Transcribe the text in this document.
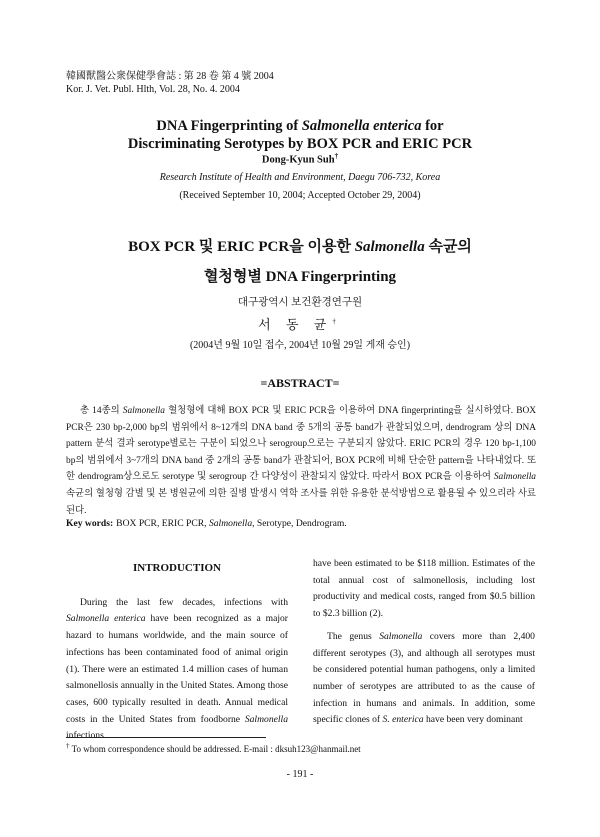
韓國獸醫公衆保健學會誌 : 第 28 卷 第 4 號 2004
Kor. J. Vet. Publ. Hlth, Vol. 28, No. 4. 2004
DNA Fingerprinting of Salmonella enterica for
Discriminating Serotypes by BOX PCR and ERIC PCR
Dong-Kyun Suh†
Research Institute of Health and Environment, Daegu 706-732, Korea
(Received September 10, 2004; Accepted October 29, 2004)
BOX PCR 및 ERIC PCR을 이용한 Salmonella 속균의
혈청형별 DNA Fingerprinting
대구광역시 보건환경연구원
서 동 균†
(2004년 9월 10일 접수, 2004년 10월 29일 게재 승인)
=ABSTRACT=
총 14종의 Salmonella 혈청형에 대해 BOX PCR 및 ERIC PCR을 이용하여 DNA fingerprinting을 실시하였다. BOX PCR은 230 bp-2,000 bp의 범위에서 8~12개의 DNA band 중 5개의 공통 band가 관찰되었으며, dendrogram 상의 DNA pattern 분석 결과 serotype별로는 구분이 되었으나 serogroup으로는 구분되지 않았다. ERIC PCR의 경우 120 bp-1,100 bp의 범위에서 3~7개의 DNA band 중 2개의 공통 band가 관찰되어, BOX PCR에 비해 단순한 pattern을 나타내었다. 또한 dendrogram상으로도 serotype 및 serogroup 간 다양성이 관찰되지 않았다. 따라서 BOX PCR을 이용하여 Salmonella 속균의 혈청형 감별 및 본 병원균에 의한 질병 발생시 역학 조사를 위한 유용한 분석방법으로 활용될 수 있으리라 사료된다.
Key words: BOX PCR, ERIC PCR, Salmonella, Serotype, Dendrogram.
INTRODUCTION

During the last few decades, infections with Salmonella enterica have been recognized as a major hazard to humans worldwide, and the main source of infections has been contaminated food of animal origin (1). There were an estimated 1.4 million cases of human salmonellosis annually in the United States. Among those cases, 600 typically resulted in death. Annual medical costs in the United States from foodborne Salmonella infections

have been estimated to be $118 million. Estimates of the total annual cost of salmonellosis, including lost productivity and medical costs, ranged from $0.5 billion to $2.3 billion (2).

The genus Salmonella covers more than 2,400 different serotypes (3), and although all serotypes must be considered potential human pathogens, only a limited number of serotypes are attributed to as the cause of infection in humans and animals. In addition, some specific clones of S. enterica have been very dominant

† To whom correspondence should be addressed. E-mail : dksuh123@hanmail.net
- 191 -
